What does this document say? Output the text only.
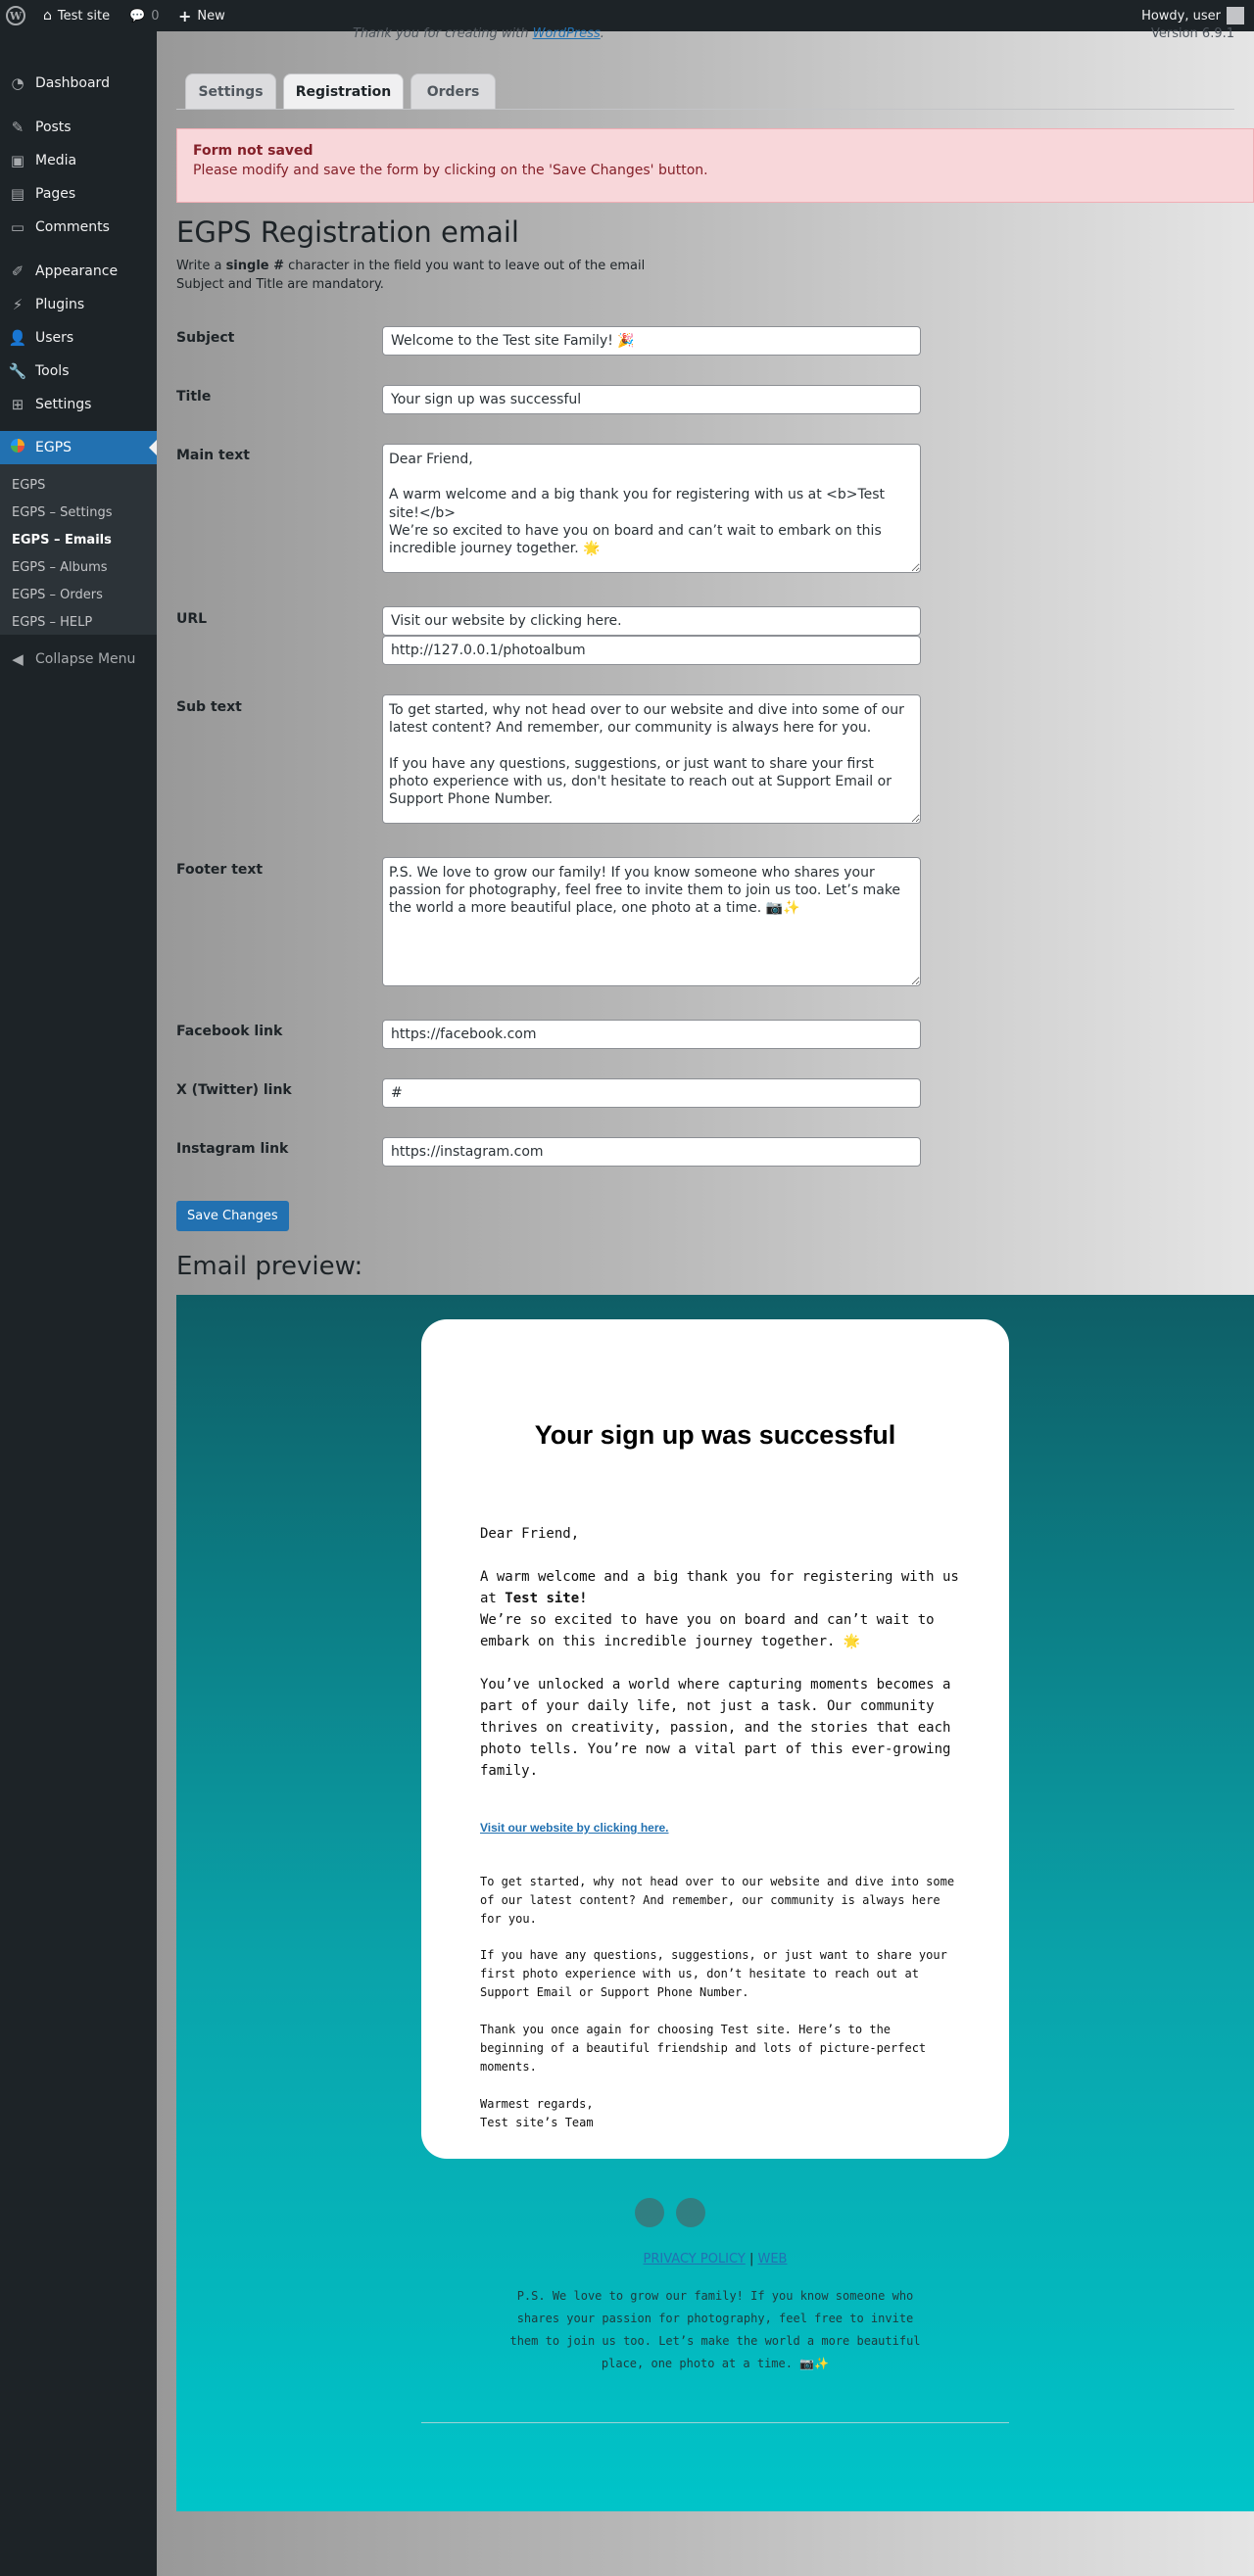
W ⌂ Test site 💬 0 + New	Howdy, user
◔ Dashboard
✎ Posts
▣ Media
▤ Pages
▭ Comments
✐ Appearance
⚡ Plugins
👤 Users
🔧 Tools
⊞ Settings
EGPS
EGPS
EGPS – Settings
EGPS – Emails
EGPS – Albums
EGPS – Orders
EGPS – HELP
◀ Collapse Menu
Thank you for creating with WordPress.	Version 6.9.1
Settings	Registration	Orders
Form not saved
Please modify and save the form by clicking on the 'Save Changes' button.
EGPS Registration email
Write a single # character in the field you want to leave out of the email
Subject and Title are mandatory.
Subject
Welcome to the Test site Family! 🎉
Title
Your sign up was successful
Main text
Dear Friend, A warm welcome and a big thank you for registering with us at <b>Test site!</b> We’re so excited to have you on board and can’t wait to embark on this incredible journey together. 🌟
URL
Visit our website by clicking here.
http://127.0.0.1/photoalbum
Sub text
To get started, why not head over to our website and dive into some of our latest content? And remember, our community is always here for you. If you have any questions, suggestions, or just want to share your first photo experience with us, don't hesitate to reach out at Support Email or Support Phone Number.
Footer text
P.S. We love to grow our family! If you know someone who shares your passion for photography, feel free to invite them to join us too. Let’s make the world a more beautiful place, one photo at a time. 📷✨
Facebook link
https://facebook.com
X (Twitter) link
#
Instagram link
https://instagram.com
Save Changes
Email preview:
Your sign up was successful
Dear Friend,
A warm welcome and a big thank you for registering with us at Test site!
We’re so excited to have you on board and can’t wait to embark on this incredible journey together. 🌟
You’ve unlocked a world where capturing moments becomes a part of your daily life, not just a task. Our community thrives on creativity, passion, and the stories that each photo tells. You’re now a vital part of this ever-growing family.
Visit our website by clicking here.
To get started, why not head over to our website and dive into some of our latest content? And remember, our community is always here for you.
If you have any questions, suggestions, or just want to share your first photo experience with us, don’t hesitate to reach out at Support Email or Support Phone Number.
Thank you once again for choosing Test site. Here’s to the beginning of a beautiful friendship and lots of picture-perfect moments.
Warmest regards,
Test site’s Team
PRIVACY POLICY | WEB
P.S. We love to grow our family! If you know someone who shares your passion for photography, feel free to invite them to join us too. Let’s make the world a more beautiful place, one photo at a time. 📷✨
